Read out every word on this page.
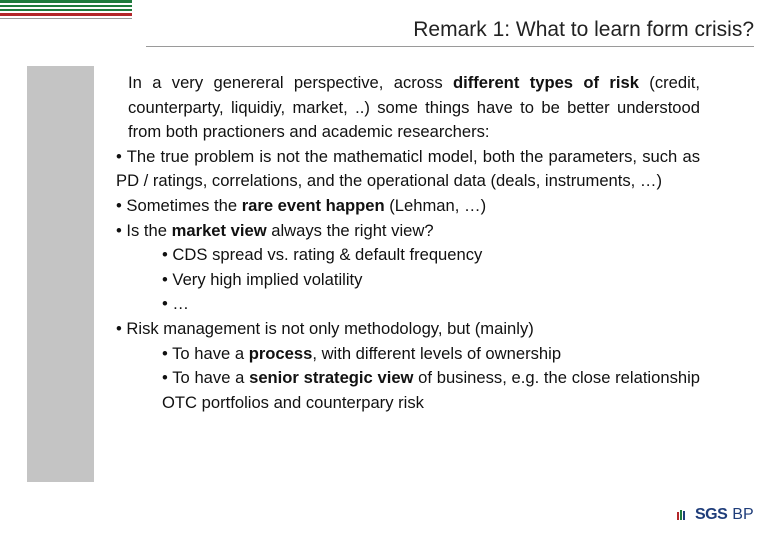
Remark 1: What to learn form crisis?

In a very genereral perspective, across different types of risk (credit, counterparty, liquidiy, market, ..) some things have to be better understood from both practioners and academic researchers:

• The true problem is not the mathematicl model, both the parameters, such as PD / ratings, correlations, and the operational data (deals, instruments, …)

• Sometimes the rare event happen (Lehman, …)

• Is the market view always the right view?

• CDS spread vs. rating & default frequency

• Very high implied volatility

• …

• Risk management is not only methodology, but (mainly)

• To have a process, with different levels of ownership

• To have a senior strategic view of business, e.g. the close relationship OTC portfolios and counterpary risk

SGS BP
